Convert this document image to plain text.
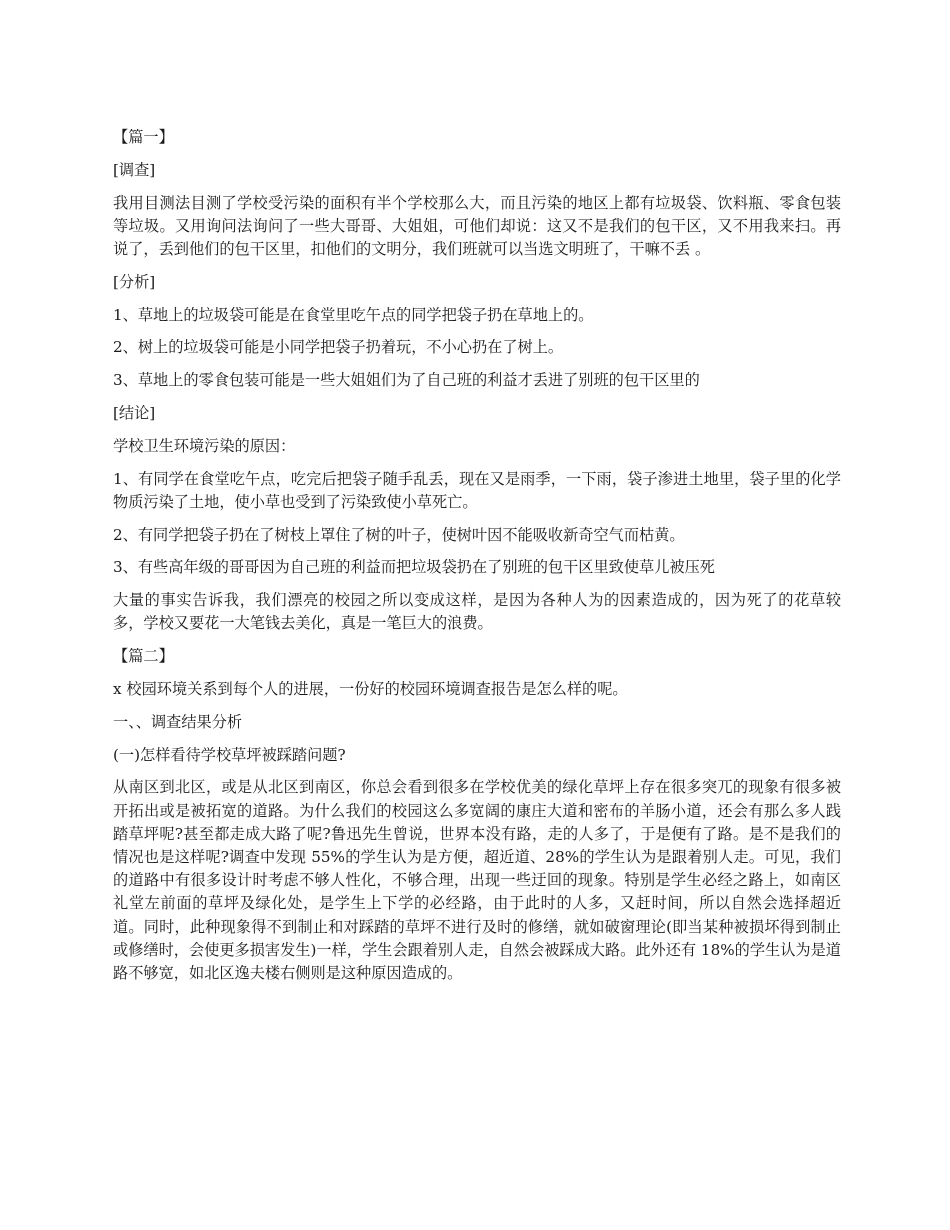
【篇一】

[调查]

我用目测法目测了学校受污染的面积有半个学校那么大，而且污染的地区上都有垃圾袋、饮料瓶、零食包装等垃圾。又用询问法询问了一些大哥哥、大姐姐，可他们却说：这又不是我们的包干区，又不用我来扫。再说了，丢到他们的包干区里，扣他们的文明分，我们班就可以当选文明班了，干嘛不丢 。

[分析]

1、草地上的垃圾袋可能是在食堂里吃午点的同学把袋子扔在草地上的。

2、树上的垃圾袋可能是小同学把袋子扔着玩，不小心扔在了树上。

3、草地上的零食包装可能是一些大姐姐们为了自己班的利益才丢进了别班的包干区里的

[结论]

学校卫生环境污染的原因：

1、有同学在食堂吃午点，吃完后把袋子随手乱丢，现在又是雨季，一下雨，袋子渗进土地里，袋子里的化学物质污染了土地，使小草也受到了污染致使小草死亡。

2、有同学把袋子扔在了树枝上罩住了树的叶子，使树叶因不能吸收新奇空气而枯黄。

3、有些高年级的哥哥因为自己班的利益而把垃圾袋扔在了别班的包干区里致使草儿被压死

大量的事实告诉我，我们漂亮的校园之所以变成这样，是因为各种人为的因素造成的，因为死了的花草较多，学校又要花一大笔钱去美化，真是一笔巨大的浪费。

【篇二】

x 校园环境关系到每个人的进展，一份好的校园环境调查报告是怎么样的呢。

一、、调查结果分析

(一)怎样看待学校草坪被踩踏问题?

从南区到北区，或是从北区到南区，你总会看到很多在学校优美的绿化草坪上存在很多突兀的现象有很多被开拓出或是被拓宽的道路。为什么我们的校园这么多宽阔的康庄大道和密布的羊肠小道，还会有那么多人践踏草坪呢?甚至都走成大路了呢?鲁迅先生曾说，世界本没有路，走的人多了，于是便有了路。是不是我们的情况也是这样呢?调查中发现 55%的学生认为是方便，超近道、28%的学生认为是跟着别人走。可见，我们的道路中有很多设计时考虑不够人性化，不够合理，出现一些迂回的现象。特别是学生必经之路上，如南区礼堂左前面的草坪及绿化处，是学生上下学的必经路，由于此时的人多，又赶时间，所以自然会选择超近道。同时，此种现象得不到制止和对踩踏的草坪不进行及时的修缮，就如破窗理论(即当某种被损坏得到制止或修缮时，会使更多损害发生)一样，学生会跟着别人走，自然会被踩成大路。此外还有 18%的学生认为是道路不够宽，如北区逸夫楼右侧则是这种原因造成的。
